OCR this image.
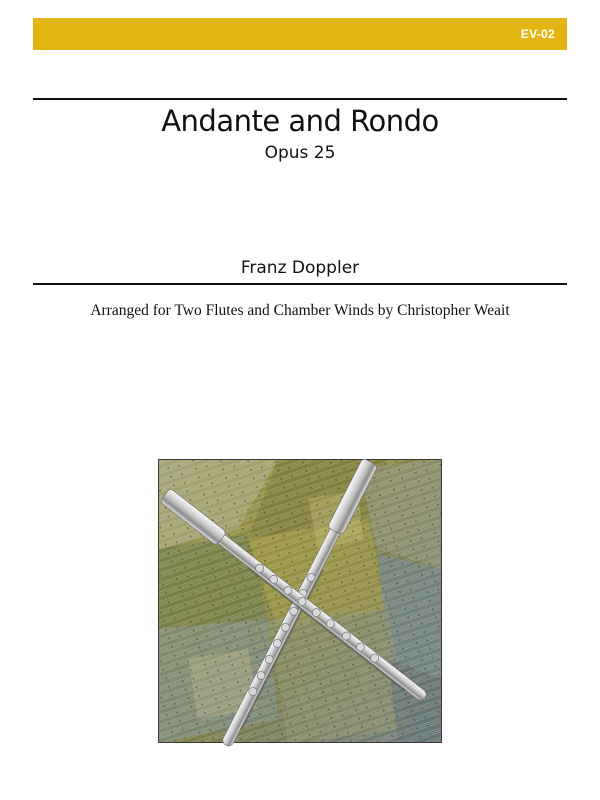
EV-02
Andante and Rondo
Opus 25
Franz Doppler
Arranged for Two Flutes and Chamber Winds by Christopher Weait
